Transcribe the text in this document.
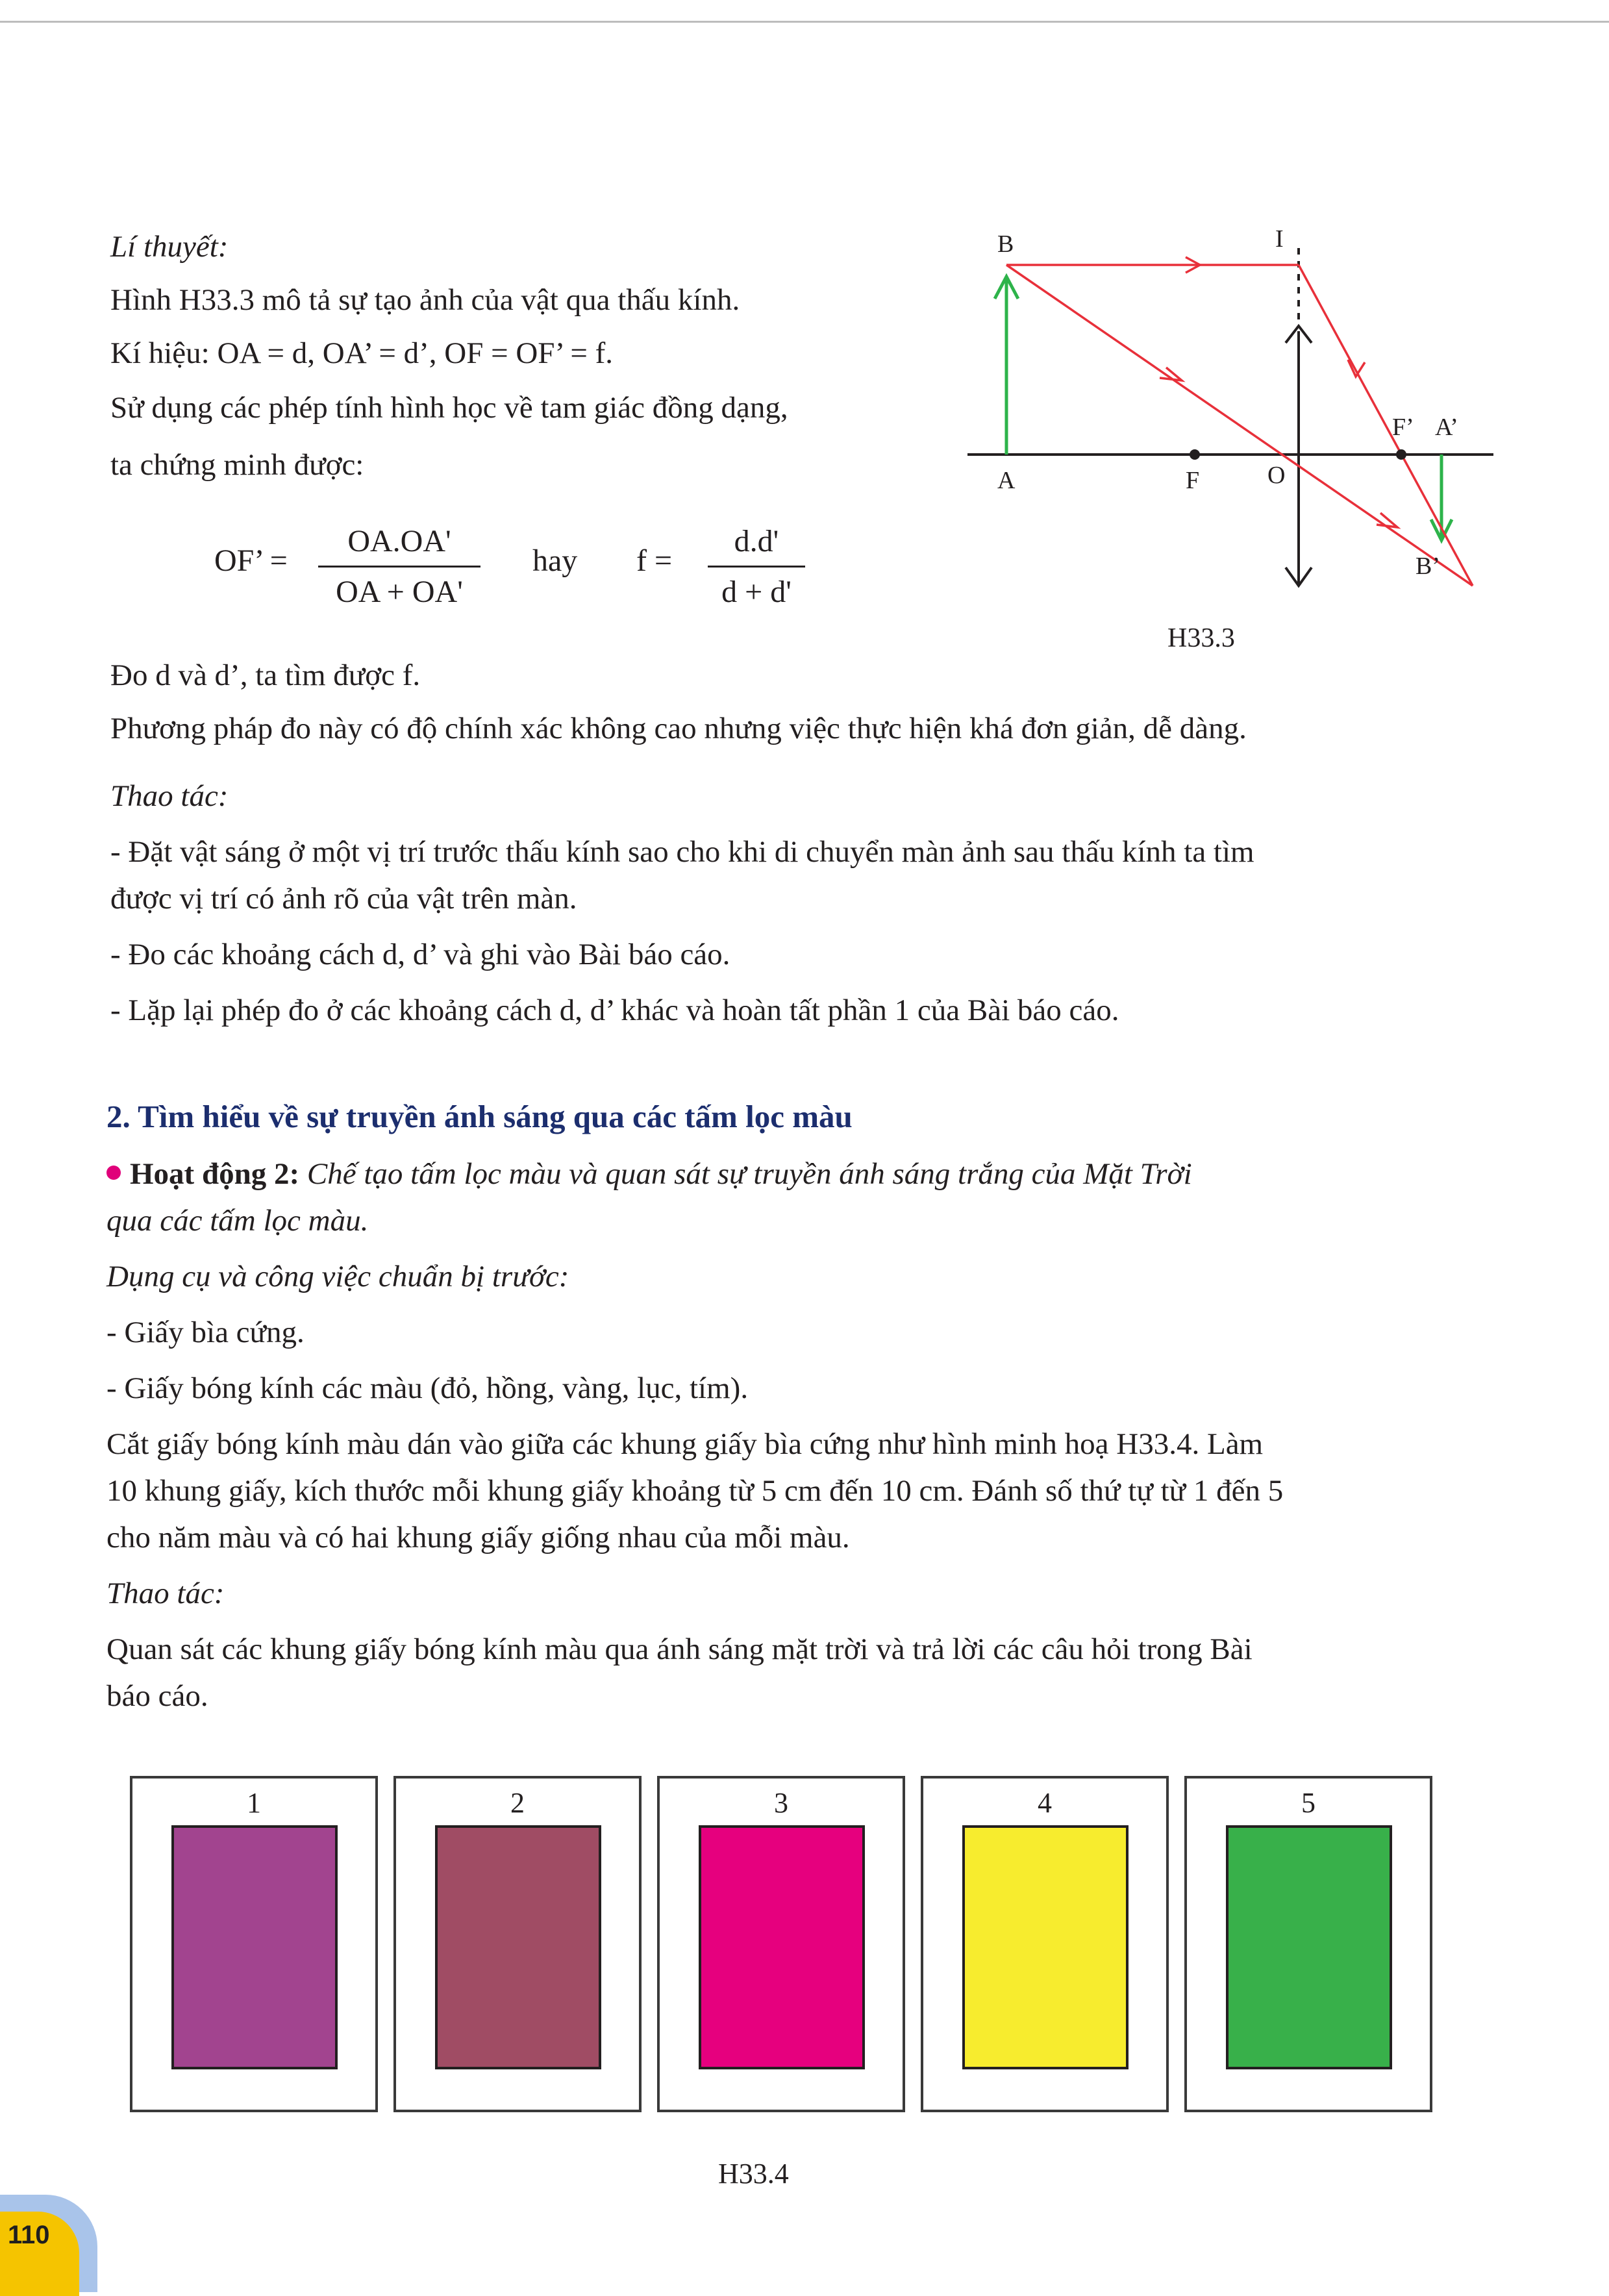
Lí thuyết:
Hình H33.3 mô tả sự tạo ảnh của vật qua thấu kính.
Kí hiệu: OA = d, OA’ = d’, OF = OF’ = f.
Sử dụng các phép tính hình học về tam giác đồng dạng,
ta chứng minh được:
OF’ =
OA.OA'
OA + OA'
hay f =
d.d'
d + d'
B	I
A	F	O
F’ A’
B’
H33.3
Đo d và d’, ta tìm được f.
Phương pháp đo này có độ chính xác không cao nhưng việc thực hiện khá đơn giản, dễ dàng.
Thao tác:
- Đặt vật sáng ở một vị trí trước thấu kính sao cho khi di chuyển màn ảnh sau thấu kính ta tìm
được vị trí có ảnh rõ của vật trên màn.
- Đo các khoảng cách d, d’ và ghi vào Bài báo cáo.
- Lặp lại phép đo ở các khoảng cách d, d’ khác và hoàn tất phần 1 của Bài báo cáo.
2. Tìm hiểu về sự truyền ánh sáng qua các tấm lọc màu
Hoạt động 2: Chế tạo tấm lọc màu và quan sát sự truyền ánh sáng trắng của Mặt Trời
qua các tấm lọc màu.
Dụng cụ và công việc chuẩn bị trước:
- Giấy bìa cứng.
- Giấy bóng kính các màu (đỏ, hồng, vàng, lục, tím).
Cắt giấy bóng kính màu dán vào giữa các khung giấy bìa cứng như hình minh hoạ H33.4. Làm
10 khung giấy, kích thước mỗi khung giấy khoảng từ 5 cm đến 10 cm. Đánh số thứ tự từ 1 đến 5
cho năm màu và có hai khung giấy giống nhau của mỗi màu.
Thao tác:
Quan sát các khung giấy bóng kính màu qua ánh sáng mặt trời và trả lời các câu hỏi trong Bài
báo cáo.
1	2	3	4	5
H33.4
110
